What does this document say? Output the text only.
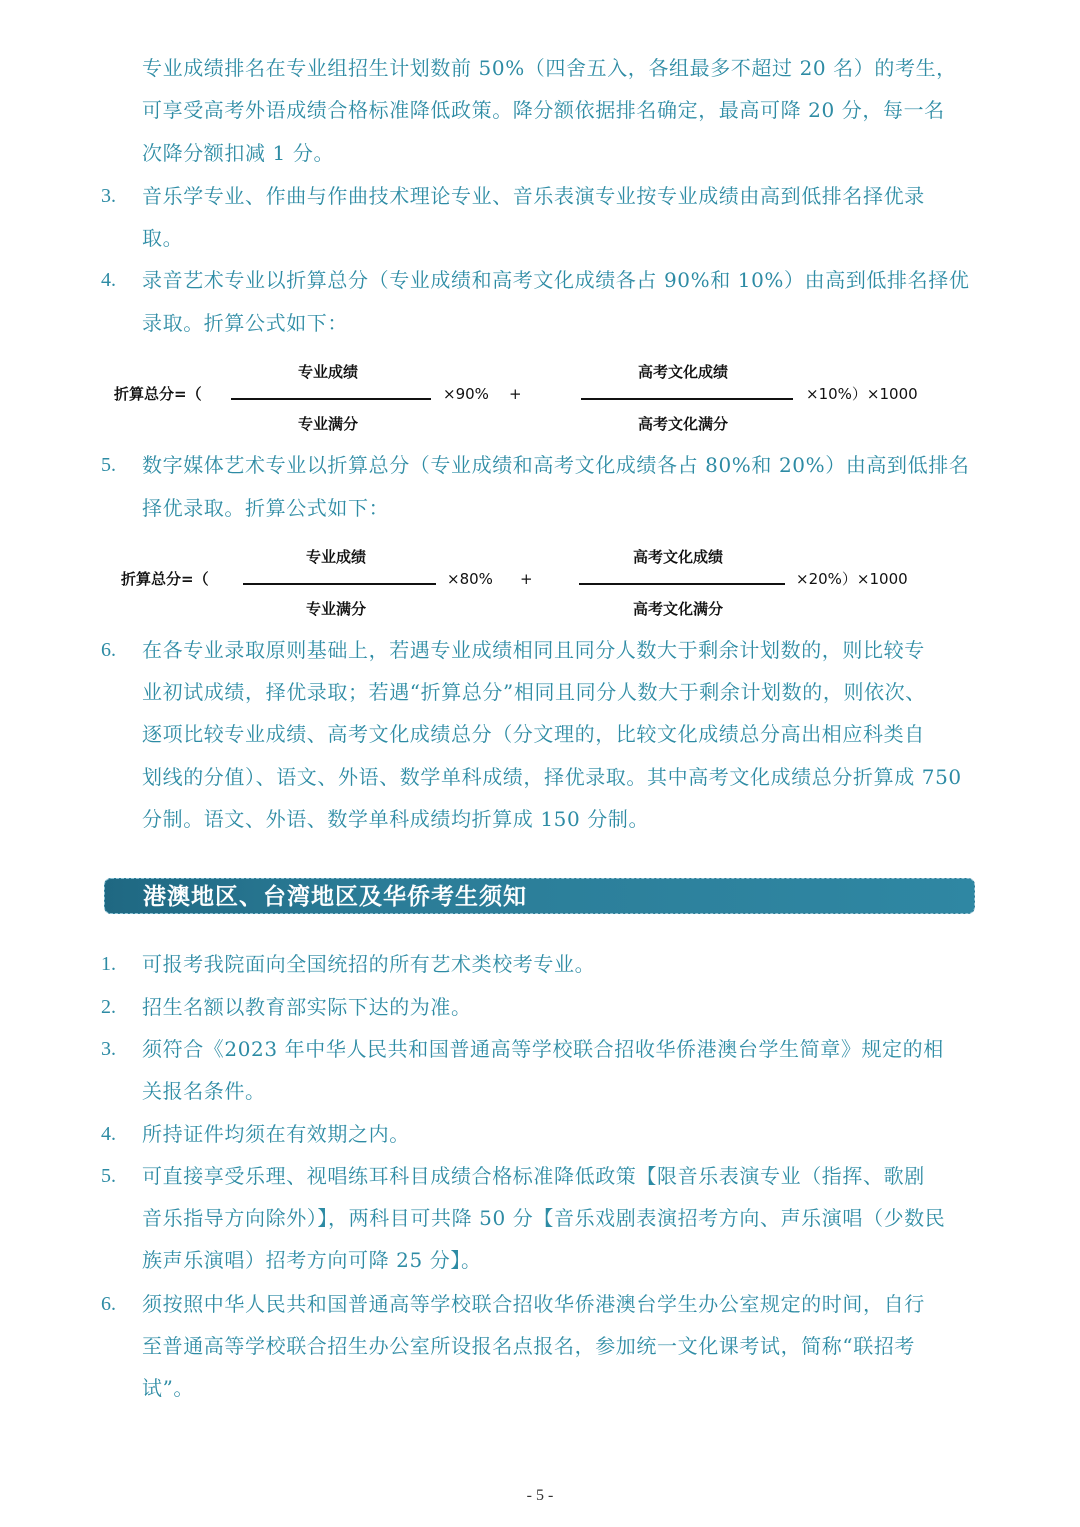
专业成绩排名在专业组招生计划数前 50%（四舍五入，各组最多不超过 20 名）的考生，
可享受高考外语成绩合格标准降低政策。降分额依据排名确定，最高可降 20 分，每一名
次降分额扣减 1 分。
3. 音乐学专业、作曲与作曲技术理论专业、音乐表演专业按专业成绩由高到低排名择优录
取。
4. 录音艺术专业以折算总分（专业成绩和高考文化成绩各占 90%和 10%）由高到低排名择优
录取。折算公式如下：
折算总分=（
专业成绩
专业满分
×90% +
高考文化成绩
高考文化满分
×10%）×1000
5. 数字媒体艺术专业以折算总分（专业成绩和高考文化成绩各占 80%和 20%）由高到低排名
择优录取。折算公式如下：
折算总分=（
专业成绩
专业满分
×80% +
高考文化成绩
高考文化满分
×20%）×1000
6. 在各专业录取原则基础上，若遇专业成绩相同且同分人数大于剩余计划数的，则比较专
业初试成绩，择优录取；若遇“折算总分”相同且同分人数大于剩余计划数的，则依次、
逐项比较专业成绩、高考文化成绩总分（分文理的，比较文化成绩总分高出相应科类自
划线的分值）、语文、外语、数学单科成绩，择优录取。其中高考文化成绩总分折算成 750
分制。语文、外语、数学单科成绩均折算成 150 分制。
港澳地区、台湾地区及华侨考生须知
1. 可报考我院面向全国统招的所有艺术类校考专业。
2. 招生名额以教育部实际下达的为准。
3. 须符合《2023 年中华人民共和国普通高等学校联合招收华侨港澳台学生简章》规定的相
关报名条件。
4. 所持证件均须在有效期之内。
5. 可直接享受乐理、视唱练耳科目成绩合格标准降低政策【限音乐表演专业（指挥、歌剧
音乐指导方向除外）】，两科目可共降 50 分【音乐戏剧表演招考方向、声乐演唱（少数民
族声乐演唱）招考方向可降 25 分】。
6. 须按照中华人民共和国普通高等学校联合招收华侨港澳台学生办公室规定的时间，自行
至普通高等学校联合招生办公室所设报名点报名，参加统一文化课考试，简称“联招考
试”。
- 5 -
